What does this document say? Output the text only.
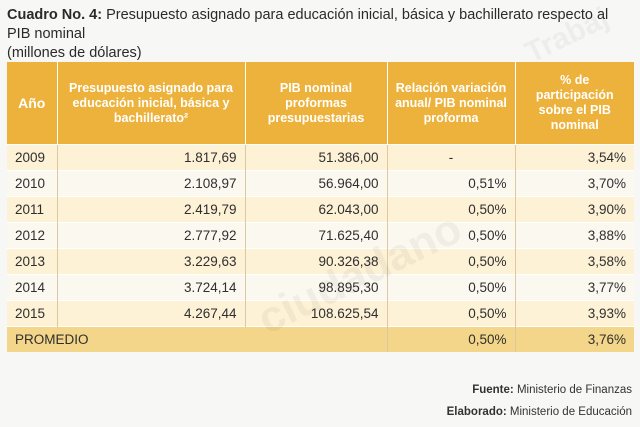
Cuadro No. 4: Presupuesto asignado para educación inicial, básica y bachillerato respecto al PIB nominal
(millones de dólares)
Año	Presupuesto asignado para educación inicial, básica y bachillerato²	PIB nominal proformas presupuestarias	Relación variación anual/ PIB nominal proforma	% de participación sobre el PIB nominal
2009	1.817,69	51.386,00	-	3,54%
2010	2.108,97	56.964,00	0,51%	3,70%
2011	2.419,79	62.043,00	0,50%	3,90%
2012	2.777,92	71.625,40	0,50%	3,88%
2013	3.229,63	90.326,38	0,50%	3,58%
2014	3.724,14	98.895,30	0,50%	3,77%
2015	4.267,44	108.625,54	0,50%	3,93%
PROMEDIO			0,50%	3,76%
Fuente: Ministerio de Finanzas
Elaborado: Ministerio de Educación
